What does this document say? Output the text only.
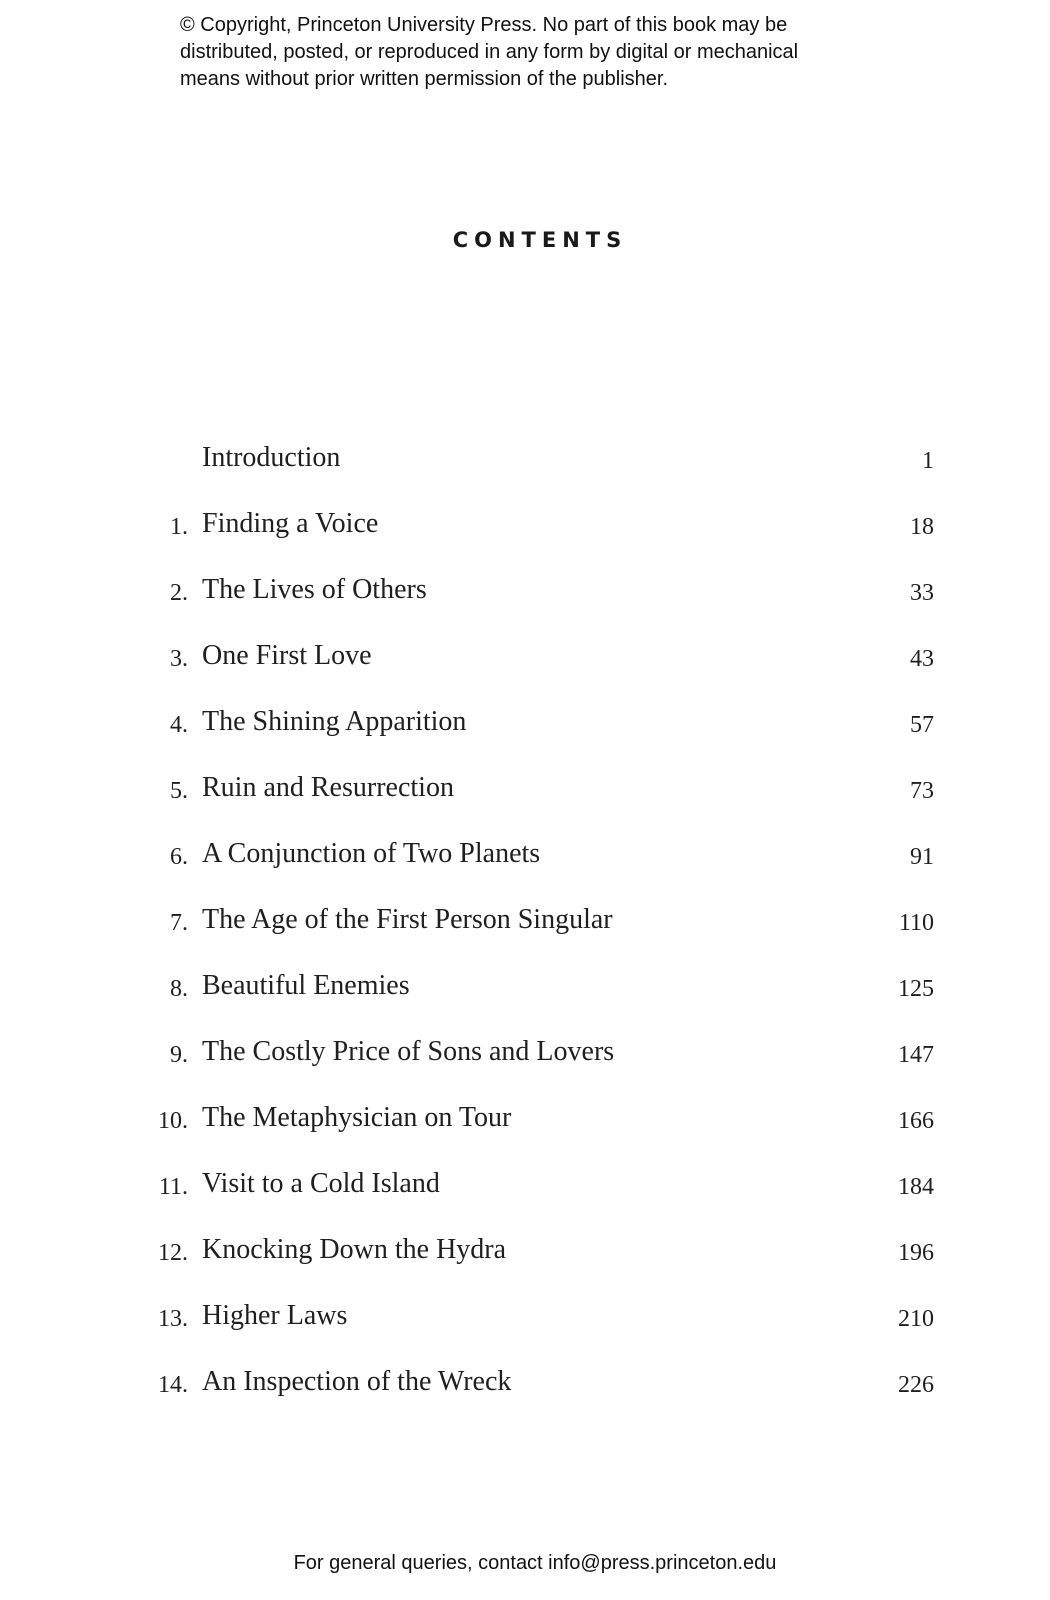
© Copyright, Princeton University Press. No part of this book may be
distributed, posted, or reproduced in any form by digital or mechanical
means without prior written permission of the publisher.
CONTENTS
Introduction	1
1. Finding a Voice	18
2. The Lives of Others	33
3. One First Love	43
4. The Shining Apparition	57
5. Ruin and Resurrection	73
6. A Conjunction of Two Planets	91
7. The Age of the First Person Singular	110
8. Beautiful Enemies	125
9. The Costly Price of Sons and Lovers	147
10. The Metaphysician on Tour	166
11. Visit to a Cold Island	184
12. Knocking Down the Hydra	196
13. Higher Laws	210
14. An Inspection of the Wreck	226
For general queries, contact info@press.princeton.edu
